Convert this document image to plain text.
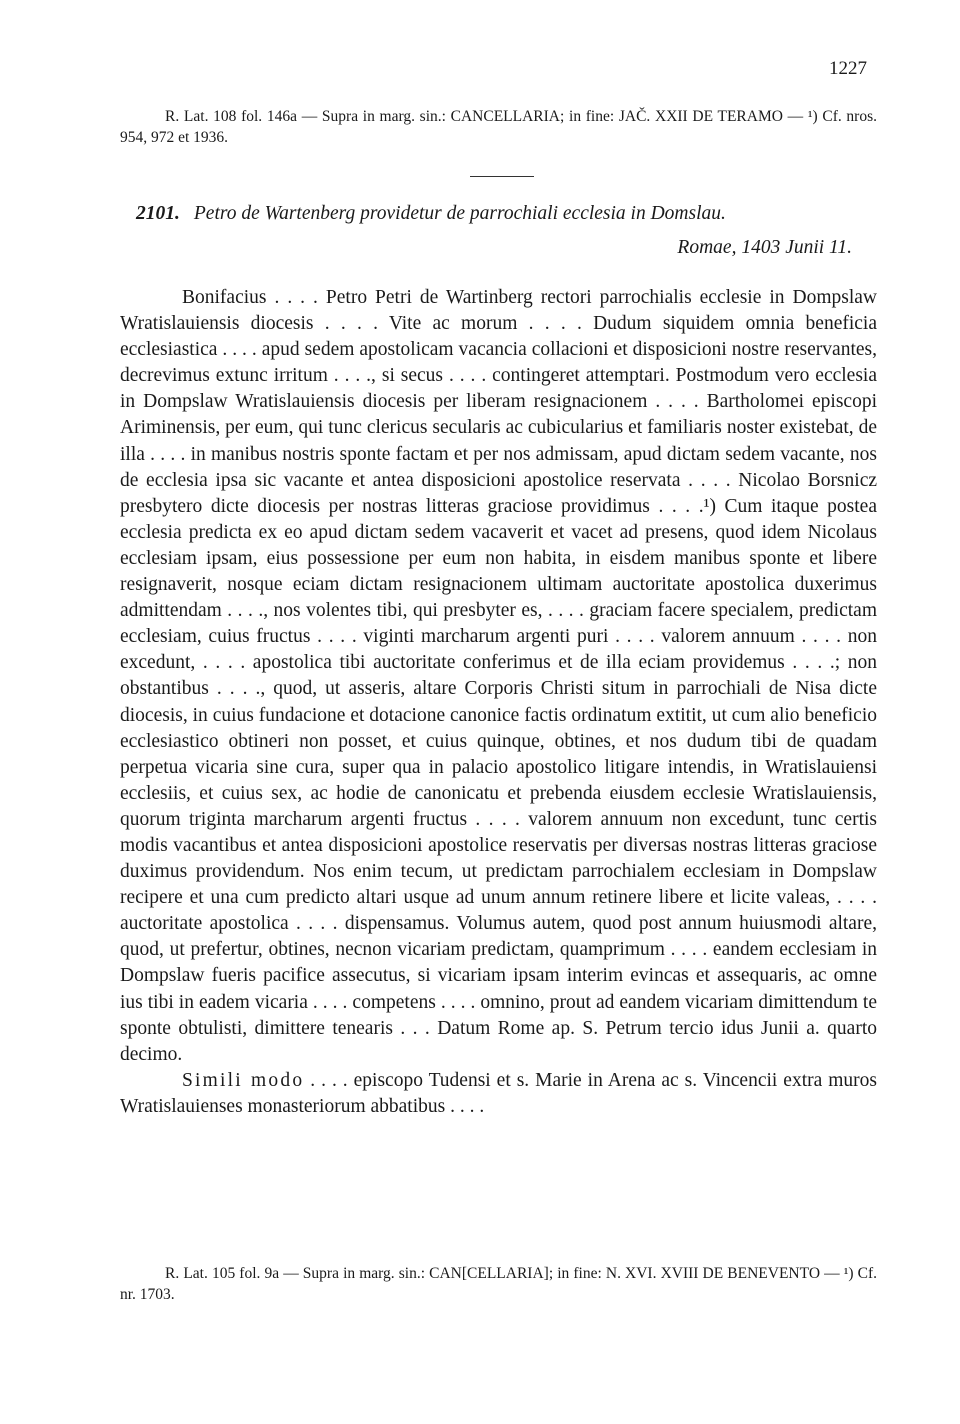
1227

R. Lat. 108 fol. 146a — Supra in marg. sin.: CANCELLARIA; in fine: JAČ. XXII DE TERAMO — ¹) Cf. nros. 954, 972 et 1936.

2101. Petro de Wartenberg providetur de parrochiali ecclesia in Domslau.
Romae, 1403 Junii 11.

Bonifacius . . . . Petro Petri de Wartinberg rectori parrochialis ecclesie in Dompslaw Wratislauiensis diocesis . . . . Vite ac morum . . . . Dudum siquidem omnia beneficia ecclesiastica . . . . apud sedem apostolicam vacancia collacioni et disposicioni nostre reservantes, decrevimus extunc irritum . . . ., si secus . . . . contingeret attemptari. Postmodum vero ecclesia in Dompslaw Wratislauiensis diocesis per liberam resignacionem . . . . Bartholomei episcopi Ariminensis, per eum, qui tunc clericus secularis ac cubicularius et familiaris noster existebat, de illa . . . . in manibus nostris sponte factam et per nos admissam, apud dictam sedem vacante, nos de ecclesia ipsa sic vacante et antea disposicioni apostolice reservata . . . . Nicolao Borsnicz presbytero dicte diocesis per nostras litteras graciose providimus . . . .¹) Cum itaque postea ecclesia predicta ex eo apud dictam sedem vacaverit et vacet ad presens, quod idem Nicolaus ecclesiam ipsam, eius possessione per eum non habita, in eisdem manibus sponte et libere resignaverit, nosque eciam dictam resignacionem ultimam auctoritate apostolica duxerimus admittendam . . . ., nos volentes tibi, qui presbyter es, . . . . graciam facere specialem, predictam ecclesiam, cuius fructus . . . . viginti marcharum argenti puri . . . . valorem annuum . . . . non excedunt, . . . . apostolica tibi auctoritate conferimus et de illa eciam providemus . . . .; non obstantibus . . . ., quod, ut asseris, altare Corporis Christi situm in parrochiali de Nisa dicte diocesis, in cuius fundacione et dotacione canonice factis ordinatum extitit, ut cum alio beneficio ecclesiastico obtineri non posset, et cuius quinque, obtines, et nos dudum tibi de quadam perpetua vicaria sine cura, super qua in palacio apostolico litigare intendis, in Wratislauiensi ecclesiis, et cuius sex, ac hodie de canonicatu et prebenda eiusdem ecclesie Wratislauiensis, quorum triginta marcharum argenti fructus . . . . valorem annuum non excedunt, tunc certis modis vacantibus et antea disposicioni apostolice reservatis per diversas nostras litteras graciose duximus providendum. Nos enim tecum, ut predictam parrochialem ecclesiam in Dompslaw recipere et una cum predicto altari usque ad unum annum retinere libere et licite valeas, . . . . auctoritate apostolica . . . . dispensamus. Volumus autem, quod post annum huiusmodi altare, quod, ut prefertur, obtines, necnon vicariam predictam, quamprimum . . . . eandem ecclesiam in Dompslaw fueris pacifice assecutus, si vicariam ipsam interim evincas et assequaris, ac omne ius tibi in eadem vicaria . . . . competens . . . . omnino, prout ad eandem vicariam dimittendum te sponte obtulisti, dimittere tenearis . . . Datum Rome ap. S. Petrum tercio idus Junii a. quarto decimo.

Simili modo . . . . episcopo Tudensi et s. Marie in Arena ac s. Vincencii extra muros Wratislauienses monasteriorum abbatibus . . . .

R. Lat. 105 fol. 9a — Supra in marg. sin.: CAN[CELLARIA]; in fine: N. XVI. XVIII DE BENEVENTO — ¹) Cf. nr. 1703.
